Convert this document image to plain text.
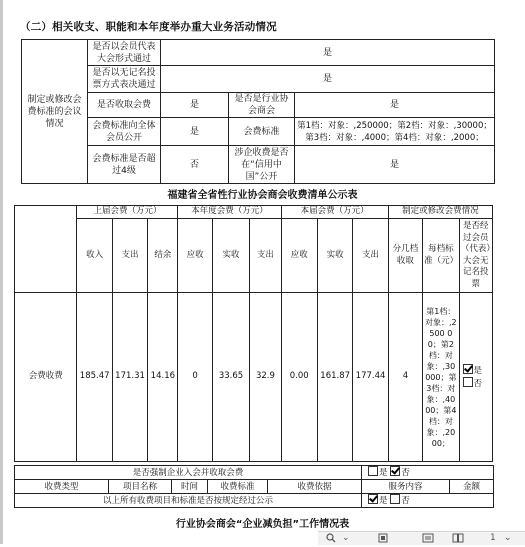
（二）相关收支、职能和本年度举办重大业务活动情况
制定或修改会费标准的会议情况	是否以会员代表大会形式通过	是		
	是否以无记名投票方式表决通过	是		
	是否收取会费	是	是否是行业协会商会	是
	会费标准向全体会员公开	是	会费标准	第1档：对象：,250000；第2档：对象：,30000；第3档：对象：,4000；第4档：对象：,2000；
	会费标准是否超过4级	否	涉企收费是否在“信用中国”公开	是
福建省全省性行业协会商会收费清单公示表
	上届会费（万元）			本年度会费（万元）			本届会费（万元）			制定或修改会费情况		
	收入	支出	结余	应收	实收	支出	应收	实收	支出	分几档收取	每档标准（元）	是否经过会员（代表）大会无记名投票
会费收费	185.47	171.31	14.16	0	33.65	32.9	0.00	161.87	177.44	4	第1档：对象：,2500 00；第2档：对象：,30000；第3档：对象：,4000；第4档：对象：,2000；	是
否
是否强制企业入会并收取会费					是 否	
收费类型	项目名称	时间	收费标准	收费依据	服务内容	金额
以上所有收费项目和标准是否按规定经过公示					是 否	
行业协会商会“企业减负担”工作情况表
⌄	1 ⌄
